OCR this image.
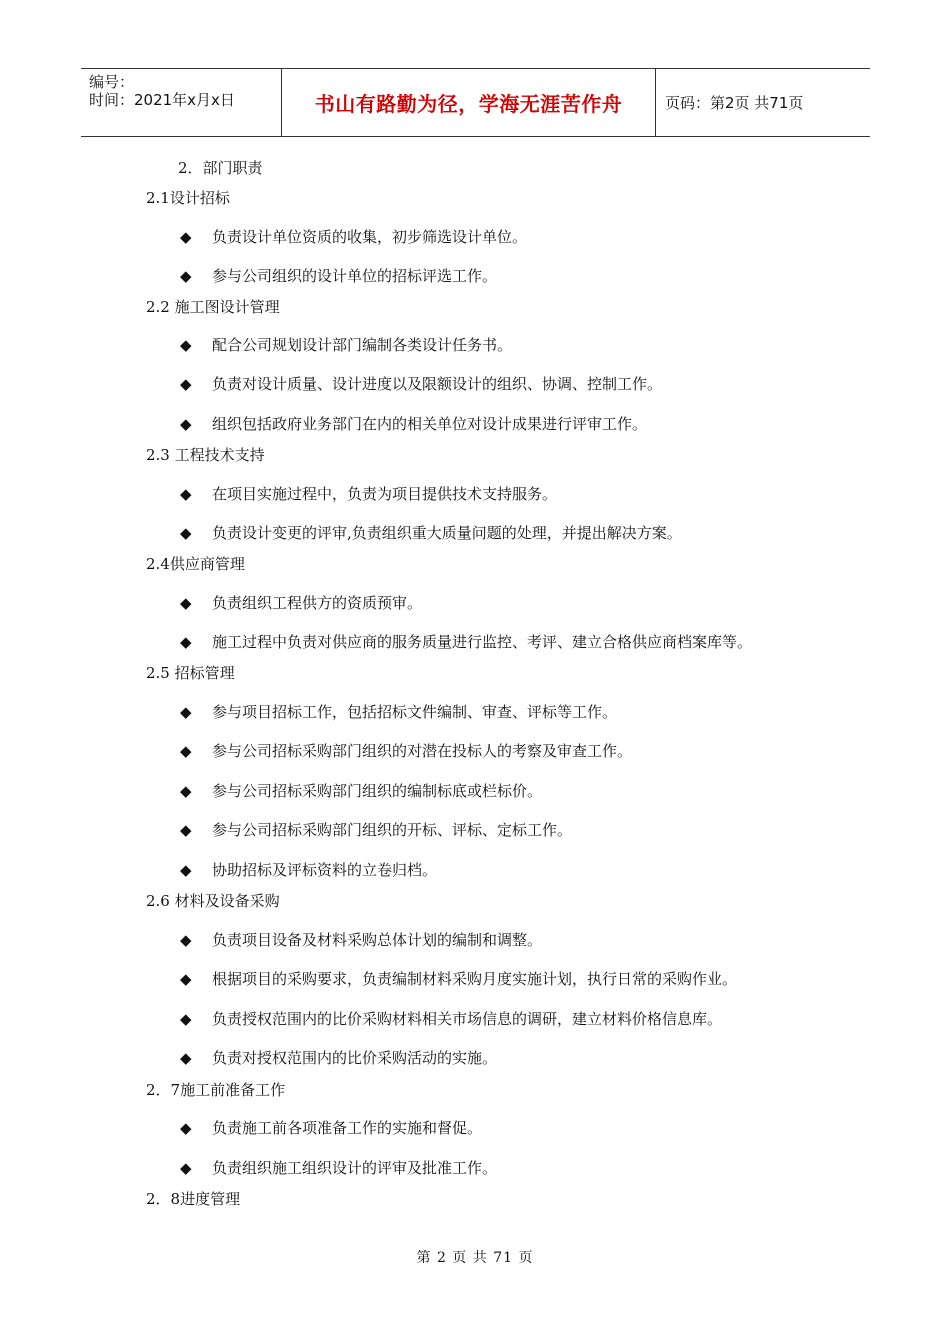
编号：
时间：2021年x月x日	书山有路勤为径，学海无涯苦作舟	页码：第2页 共71页
2．部门职责
2.1设计招标
◆ 负责设计单位资质的收集，初步筛选设计单位。
◆ 参与公司组织的设计单位的招标评选工作。
2.2 施工图设计管理
◆ 配合公司规划设计部门编制各类设计任务书。
◆ 负责对设计质量、设计进度以及限额设计的组织、协调、控制工作。
◆ 组织包括政府业务部门在内的相关单位对设计成果进行评审工作。
2.3 工程技术支持
◆ 在项目实施过程中，负责为项目提供技术支持服务。
◆ 负责设计变更的评审,负责组织重大质量问题的处理，并提出解决方案。
2.4供应商管理
◆ 负责组织工程供方的资质预审。
◆ 施工过程中负责对供应商的服务质量进行监控、考评、建立合格供应商档案库等。
2.5 招标管理
◆ 参与项目招标工作，包括招标文件编制、审查、评标等工作。
◆ 参与公司招标采购部门组织的对潜在投标人的考察及审查工作。
◆ 参与公司招标采购部门组织的编制标底或栏标价。
◆ 参与公司招标采购部门组织的开标、评标、定标工作。
◆ 协助招标及评标资料的立卷归档。
2.6 材料及设备采购
◆ 负责项目设备及材料采购总体计划的编制和调整。
◆ 根据项目的采购要求，负责编制材料采购月度实施计划，执行日常的采购作业。
◆ 负责授权范围内的比价采购材料相关市场信息的调研，建立材料价格信息库。
◆ 负责对授权范围内的比价采购活动的实施。
2．7施工前准备工作
◆ 负责施工前各项准备工作的实施和督促。
◆ 负责组织施工组织设计的评审及批准工作。
2．8进度管理
第 2 页 共 71 页
